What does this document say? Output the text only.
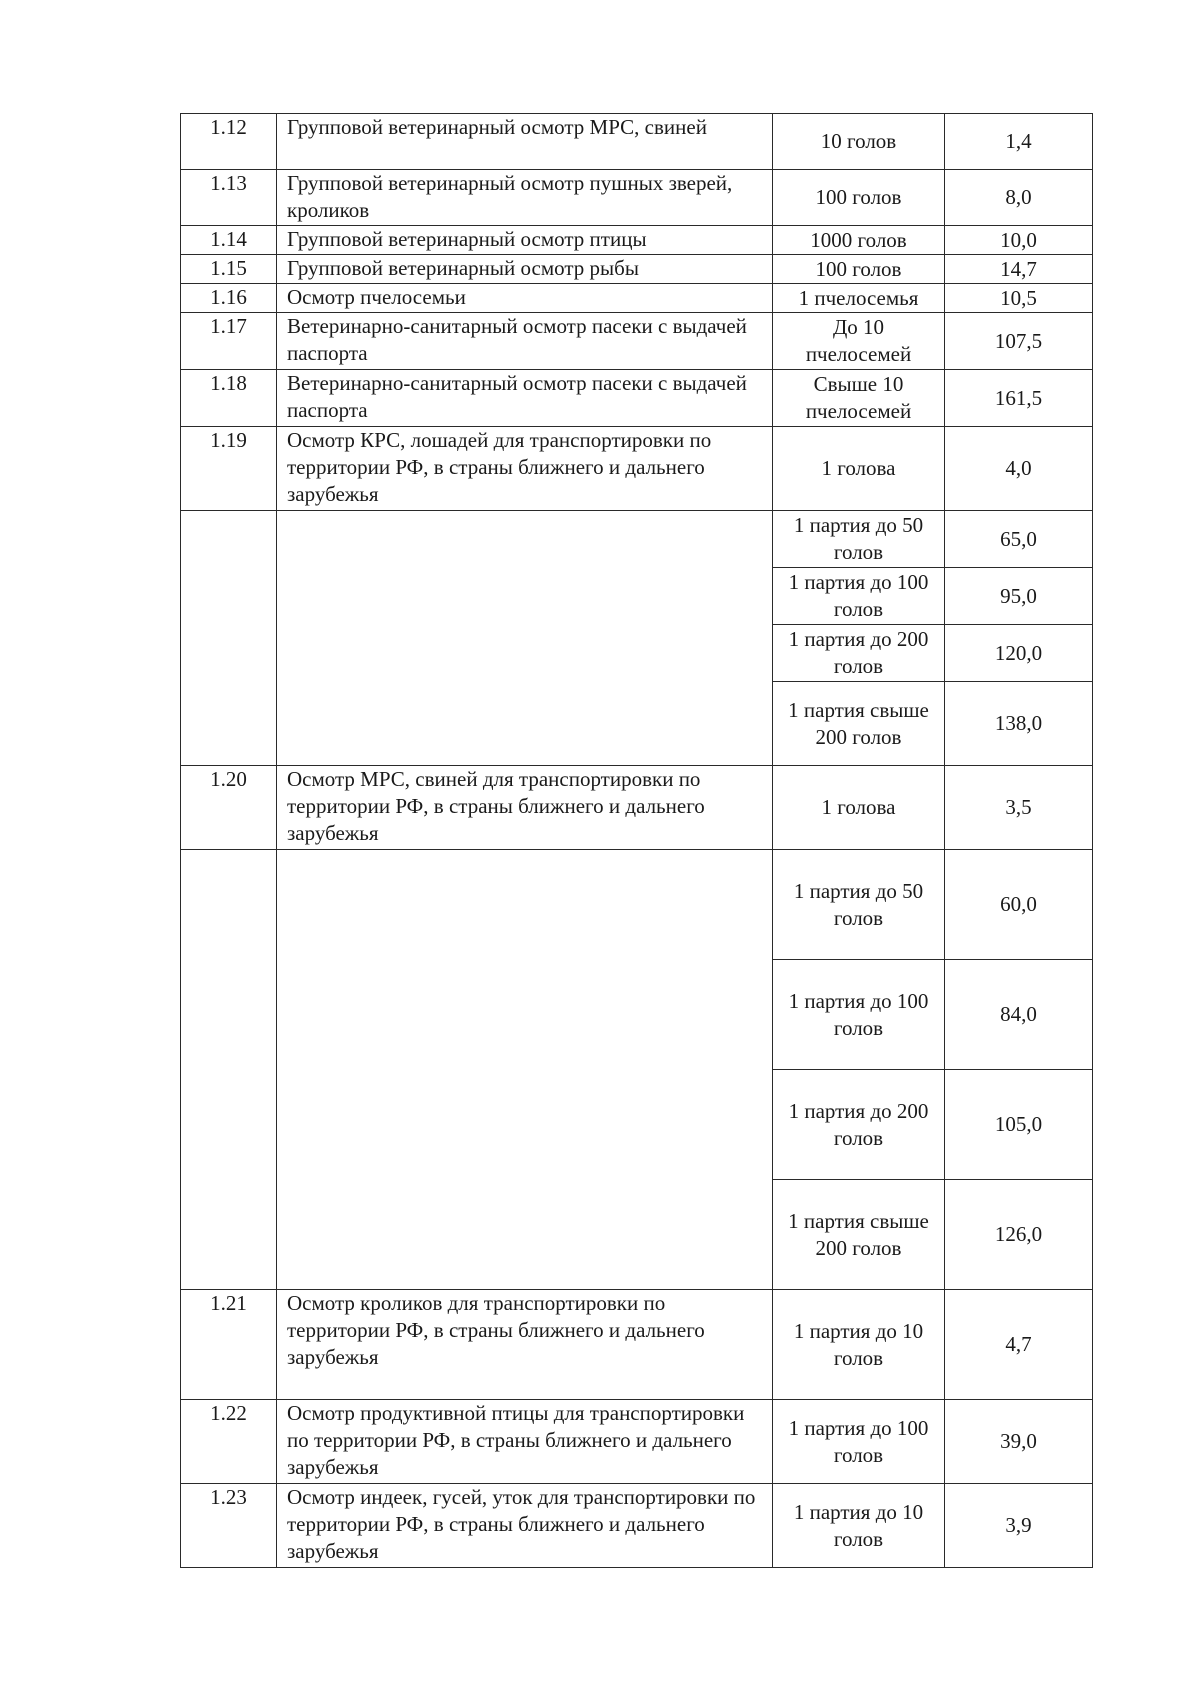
1.12	Групповой ветеринарный осмотр МРС, свиней	10 голов	1,4
1.13	Групповой ветеринарный осмотр пушных зверей, кроликов	100 голов	8,0
1.14	Групповой ветеринарный осмотр птицы	1000 голов	10,0
1.15	Групповой ветеринарный осмотр рыбы	100 голов	14,7
1.16	Осмотр пчелосемьи	1 пчелосемья	10,5
1.17	Ветеринарно-санитарный осмотр пасеки с выдачей паспорта	До 10 пчелосемей	107,5
1.18	Ветеринарно-санитарный осмотр пасеки с выдачей паспорта	Свыше 10 пчелосемей	161,5
1.19	Осмотр КРС, лошадей для транспортировки по территории РФ, в страны ближнего и дальнего зарубежья	1 голова	4,0
		1 партия до 50 голов	65,0
		1 партия до 100 голов	95,0
		1 партия до 200 голов	120,0
		1 партия свыше 200 голов	138,0
1.20	Осмотр МРС, свиней для транспортировки по территории РФ, в страны ближнего и дальнего зарубежья	1 голова	3,5
		1 партия до 50 голов	60,0
		1 партия до 100 голов	84,0
		1 партия до 200 голов	105,0
		1 партия свыше 200 голов	126,0
1.21	Осмотр кроликов для транспортировки по территории РФ, в страны ближнего и дальнего зарубежья	1 партия до 10 голов	4,7
1.22	Осмотр продуктивной птицы для транспортировки по территории РФ, в страны ближнего и дальнего зарубежья	1 партия до 100 голов	39,0
1.23	Осмотр индеек, гусей, уток для транспортировки по территории РФ, в страны ближнего и дальнего зарубежья	1 партия до 10 голов	3,9
